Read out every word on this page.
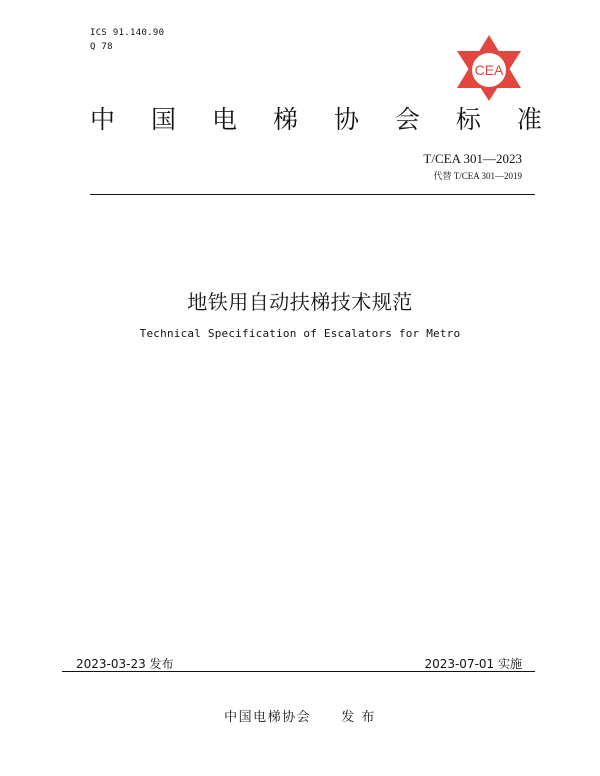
ICS 91.140.90
Q 78
CEA
中 国 电 梯 协 会 标 准
T/CEA 301—2023
代替 T/CEA 301—2019
地铁用自动扶梯技术规范
Technical Specification of Escalators for Metro
2023-03-23 发布	2023-07-01 实施
中国电梯协会 发 布
